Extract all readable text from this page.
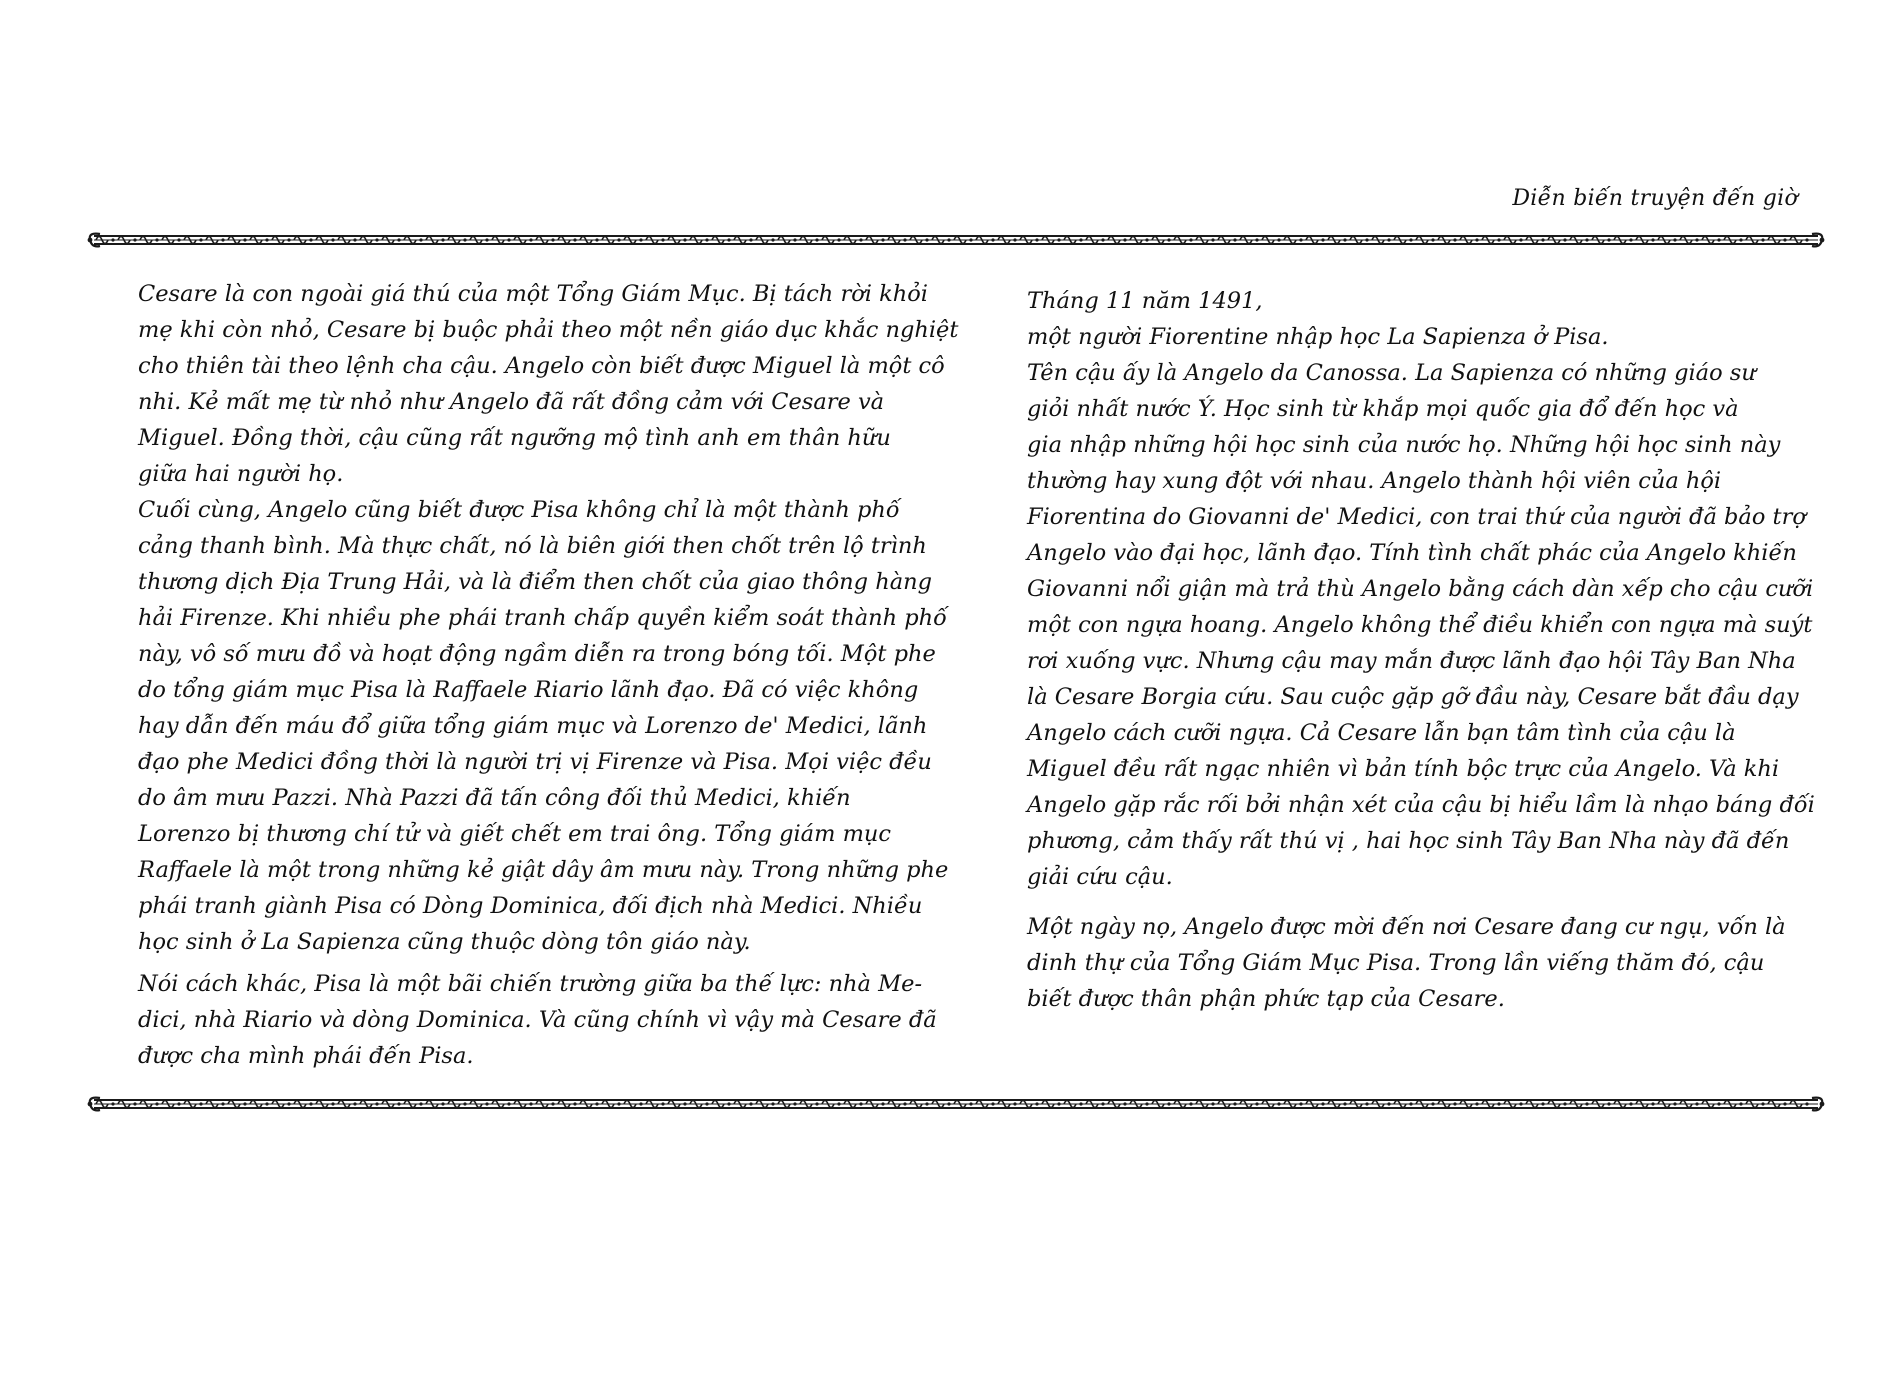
Diễn biến truyện đến giờ

Cesare là con ngoài giá thú của một Tổng Giám Mục. Bị tách rời khỏi
mẹ khi còn nhỏ, Cesare bị buộc phải theo một nền giáo dục khắc nghiệt
cho thiên tài theo lệnh cha cậu. Angelo còn biết được Miguel là một cô
nhi. Kẻ mất mẹ từ nhỏ như Angelo đã rất đồng cảm với Cesare và
Miguel. Đồng thời, cậu cũng rất ngưỡng mộ tình anh em thân hữu
giữa hai người họ.

Cuối cùng, Angelo cũng biết được Pisa không chỉ là một thành phố
cảng thanh bình. Mà thực chất, nó là biên giới then chốt trên lộ trình
thương dịch Địa Trung Hải, và là điểm then chốt của giao thông hàng
hải Firenze. Khi nhiều phe phái tranh chấp quyền kiểm soát thành phố
này, vô số mưu đồ và hoạt động ngầm diễn ra trong bóng tối. Một phe
do tổng giám mục Pisa là Raffaele Riario lãnh đạo. Đã có việc không
hay dẫn đến máu đổ giữa tổng giám mục và Lorenzo de' Medici, lãnh
đạo phe Medici đồng thời là người trị vị Firenze và Pisa. Mọi việc đều
do âm mưu Pazzi. Nhà Pazzi đã tấn công đối thủ Medici, khiến
Lorenzo bị thương chí tử và giết chết em trai ông. Tổng giám mục
Raffaele là một trong những kẻ giật dây âm mưu này. Trong những phe
phái tranh giành Pisa có Dòng Dominica, đối địch nhà Medici. Nhiều
học sinh ở La Sapienza cũng thuộc dòng tôn giáo này.

Nói cách khác, Pisa là một bãi chiến trường giữa ba thế lực: nhà Me-
dici, nhà Riario và dòng Dominica. Và cũng chính vì vậy mà Cesare đã
được cha mình phái đến Pisa.

Tháng 11 năm 1491,
một người Fiorentine nhập học La Sapienza ở Pisa.
Tên cậu ấy là Angelo da Canossa. La Sapienza có những giáo sư
giỏi nhất nước Ý. Học sinh từ khắp mọi quốc gia đổ đến học và
gia nhập những hội học sinh của nước họ. Những hội học sinh này
thường hay xung đột với nhau. Angelo thành hội viên của hội
Fiorentina do Giovanni de' Medici, con trai thứ của người đã bảo trợ
Angelo vào đại học, lãnh đạo. Tính tình chất phác của Angelo khiến
Giovanni nổi giận mà trả thù Angelo bằng cách dàn xếp cho cậu cưỡi
một con ngựa hoang. Angelo không thể điều khiển con ngựa mà suýt
rơi xuống vực. Nhưng cậu may mắn được lãnh đạo hội Tây Ban Nha
là Cesare Borgia cứu. Sau cuộc gặp gỡ đầu này, Cesare bắt đầu dạy
Angelo cách cưỡi ngựa. Cả Cesare lẫn bạn tâm tình của cậu là
Miguel đều rất ngạc nhiên vì bản tính bộc trực của Angelo. Và khi
Angelo gặp rắc rối bởi nhận xét của cậu bị hiểu lầm là nhạo báng đối
phương, cảm thấy rất thú vị , hai học sinh Tây Ban Nha này đã đến
giải cứu cậu.

Một ngày nọ, Angelo được mời đến nơi Cesare đang cư ngụ, vốn là
dinh thự của Tổng Giám Mục Pisa. Trong lần viếng thăm đó, cậu
biết được thân phận phức tạp của Cesare.
